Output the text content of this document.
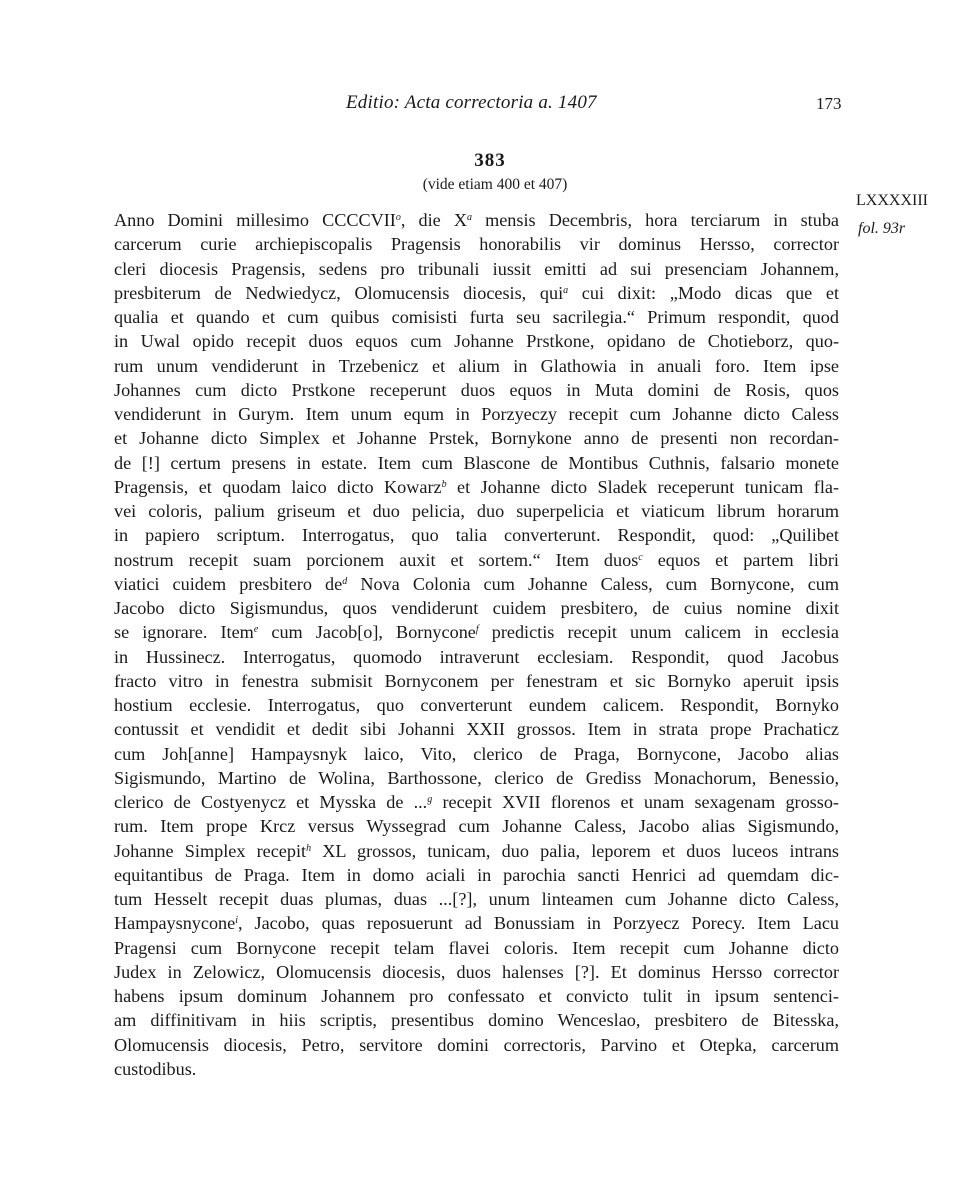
Editio: Acta correctoria a. 1407	173
383
(vide etiam 400 et 407)
LXXXXIII
fol. 93r

Anno Domini millesimo CCCCVII$^o$, die $X^a$ mensis Decembris, hora terciarum in stuba
carcerum curie archiepiscopalis Pragensis honorabilis vir dominus Hersso, corrector
cleri diocesis Pragensis, sedens pro tribunali iussit emitti ad sui presenciam Johannem,
presbiterum de Nedwiedycz, Olomucensis diocesis, qui$^a$ cui dixit: „Modo dicas que et
qualia et quando et cum quibus comisisti furta seu sacrilegia.“ Primum respondit, quod
in Uwal opido recepit duos equos cum Johanne Prstkone, opidano de Chotieborz, quo-
rum unum vendiderunt in Trzebenicz et alium in Glathowia in anuali foro. Item ipse
Johannes cum dicto Prstkone receperunt duos equos in Muta domini de Rosis, quos
vendiderunt in Gurym. Item unum equm in Porzyeczy recepit cum Johanne dicto Caless
et Johanne dicto Simplex et Johanne Prstek, Bornykone anno de presenti non recordan-
de [!] certum presens in estate. Item cum Blascone de Montibus Cuthnis, falsario monete
Pragensis, et quodam laico dicto Kowarz$^b$ et Johanne dicto Sladek receperunt tunicam fla-
vei coloris, palium griseum et duo pelicia, duo superpelicia et viaticum librum horarum
in papiero scriptum. Interrogatus, quo talia converterunt. Respondit, quod: „Quilibet
nostrum recepit suam porcionem auxit et sortem.“ Item duos$^c$ equos et partem libri
viatici cuidem presbitero $de^d$ Nova Colonia cum Johanne Caless, cum Bornycone, cum
Jacobo dicto Sigismundus, quos vendiderunt cuidem presbitero, de cuius nomine dixit
se ignorare. Item$^e$ cum Jacob[o], Bornycone$^f$ predictis recepit unum calicem in ecclesia
in Hussinecz. Interrogatus, quomodo intraverunt ecclesiam. Respondit, quod Jacobus
fracto vitro in fenestra submisit Bornyconem per fenestram et sic Bornyko aperuit ipsis
hostium ecclesie. Interrogatus, quo converterunt eundem calicem. Respondit, Bornyko
contussit et vendidit et dedit sibi Johanni XXII grossos. Item in strata prope Prachaticz
cum Joh[anne] Hampaysnyk laico, Vito, clerico de Praga, Bornycone, Jacobo alias
Sigismundo, Martino de Wolina, Barthossone, clerico de Grediss Monachorum, Benessio,
clerico de Costyenycz et Mysska de ...$^g$ recepit XVII florenos et unam sexagenam grosso-
rum. Item prope Krcz versus Wyssegrad cum Johanne Caless, Jacobo alias Sigismundo,
Johanne Simplex recepit$^h$ XL grossos, tunicam, duo palia, leporem et duos luceos intrans
equitantibus de Praga. Item in domo aciali in parochia sancti Henrici ad quemdam dic-
tum Hesselt recepit duas plumas, duas ...[?], unum linteamen cum Johanne dicto Caless,
Hampaysnycone$^i$, Jacobo, quas reposuerunt ad Bonussiam in Porzyecz Porecy. Item Lacu
Pragensi cum Bornycone recepit telam flavei coloris. Item recepit cum Johanne dicto
Judex in Zelowicz, Olomucensis diocesis, duos halenses [?]. Et dominus Hersso corrector
habens ipsum dominum Johannem pro confessato et convicto tulit in ipsum sentenci-
am diffinitivam in hiis scriptis, presentibus domino Wenceslao, presbitero de Bitesska,
Olomucensis diocesis, Petro, servitore domini correctoris, Parvino et Otepka, carcerum
custodibus.
